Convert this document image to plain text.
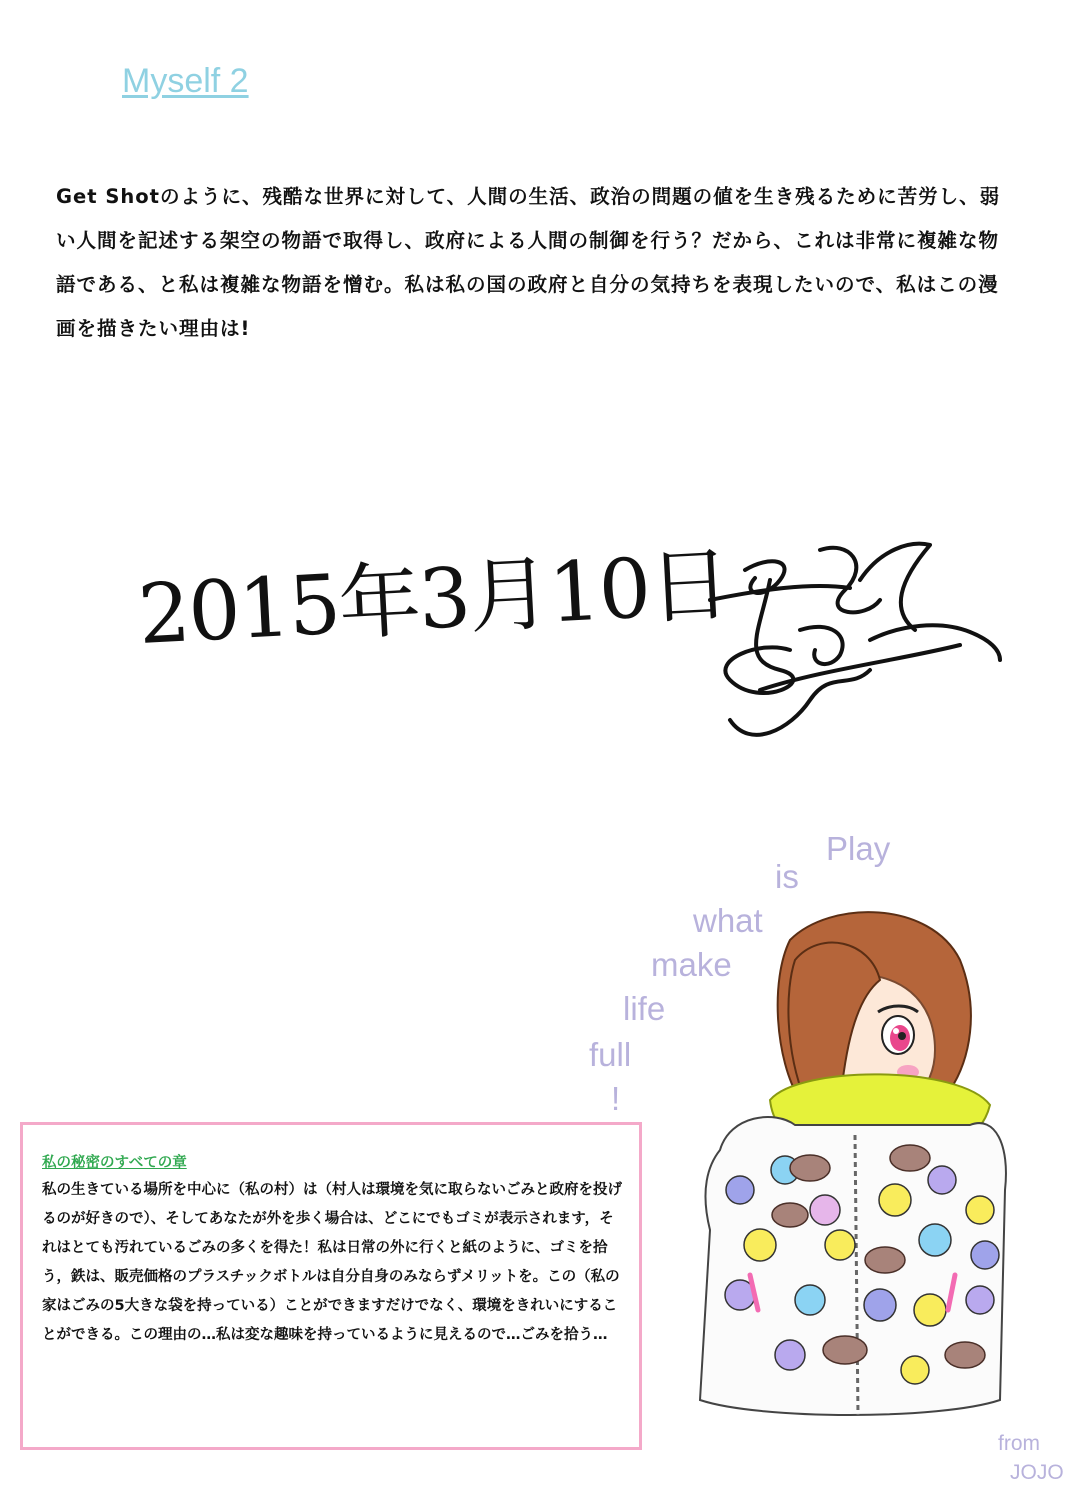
Myself 2
Get Shotのように、残酷な世界に対して、人間の生活、政治の問題の値を生き残るために苦労し、弱い人間を記述する架空の物語で取得し、政府による人間の制御を行う？だから、これは非常に複雑な物語である、と私は複雑な物語を憎む。私は私の国の政府と自分の気持ちを表現したいので、私はこの漫画を描きたい理由は!
2015年3月10日
Play
is
what
make
life
full
!
私の秘密のすべての章
私の生きている場所を中心に（私の村）は（村人は環境を気に取らないごみと政府を投げるのが好きので）、そしてあなたが外を歩く場合は、どこにでもゴミが表示されます，それはとても汚れているごみの多くを得た！私は日常の外に行くと紙のように、ゴミを拾う，鉄は、販売価格のプラスチックボトルは自分自身のみならずメリットを。この（私の家はごみの5大きな袋を持っている）ことができますだけでなく、環境をきれいにすることができる。この理由の…私は変な趣味を持っているように見えるので…ごみを拾う…
from
JOJO
